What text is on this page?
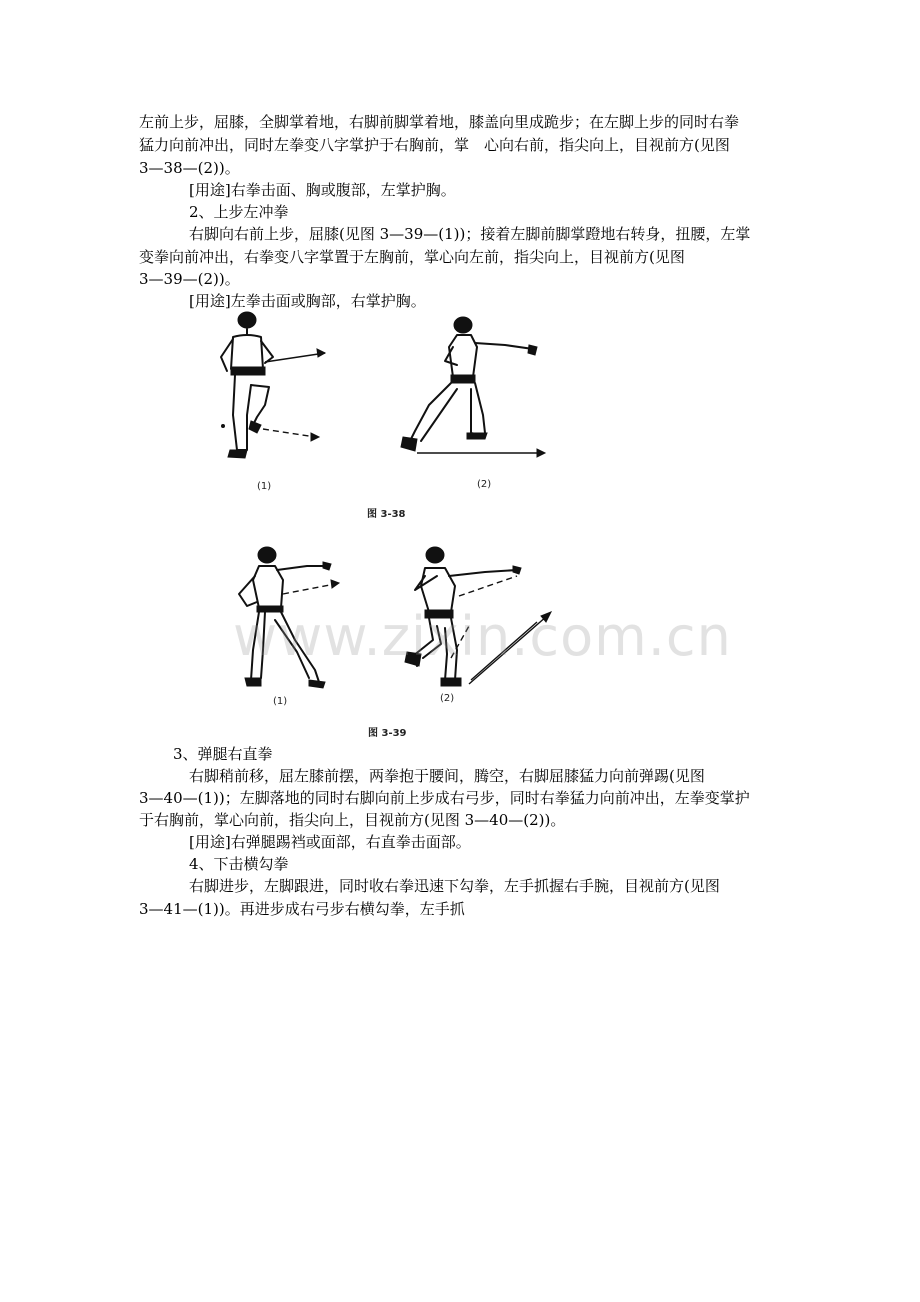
左前上步，屈膝，全脚掌着地，右脚前脚掌着地，膝盖向里成跪步；在左脚上步的同时右拳
猛力向前冲出，同时左拳变八字掌护于右胸前，掌　心向右前，指尖向上，目视前方(见图
3—38—(2))。
[用途]右拳击面、胸或腹部，左掌护胸。
2、上步左冲拳
右脚向右前上步，屈膝(见图 3—39—(1))；接着左脚前脚掌蹬地右转身，扭腰，左掌
变拳向前冲出，右拳变八字掌置于左胸前，掌心向左前，指尖向上，目视前方(见图
3—39—(2))。
[用途]左拳击面或胸部，右掌护胸。
(1)	(2)
图 3-38
(1)	(2)
图 3-39
www.zixin.com.cn
3、弹腿右直拳
右脚稍前移，屈左膝前摆，两拳抱于腰间，腾空，右脚屈膝猛力向前弹踢(见图
3—40—(1))；左脚落地的同时右脚向前上步成右弓步，同时右拳猛力向前冲出，左拳变掌护
于右胸前，掌心向前，指尖向上，目视前方(见图 3—40—(2))。
[用途]右弹腿踢裆或面部，右直拳击面部。
4、下击横勾拳
右脚进步，左脚跟进，同时收右拳迅速下勾拳，左手抓握右手腕，目视前方(见图
3—41—(1))。再进步成右弓步右横勾拳，左手抓
